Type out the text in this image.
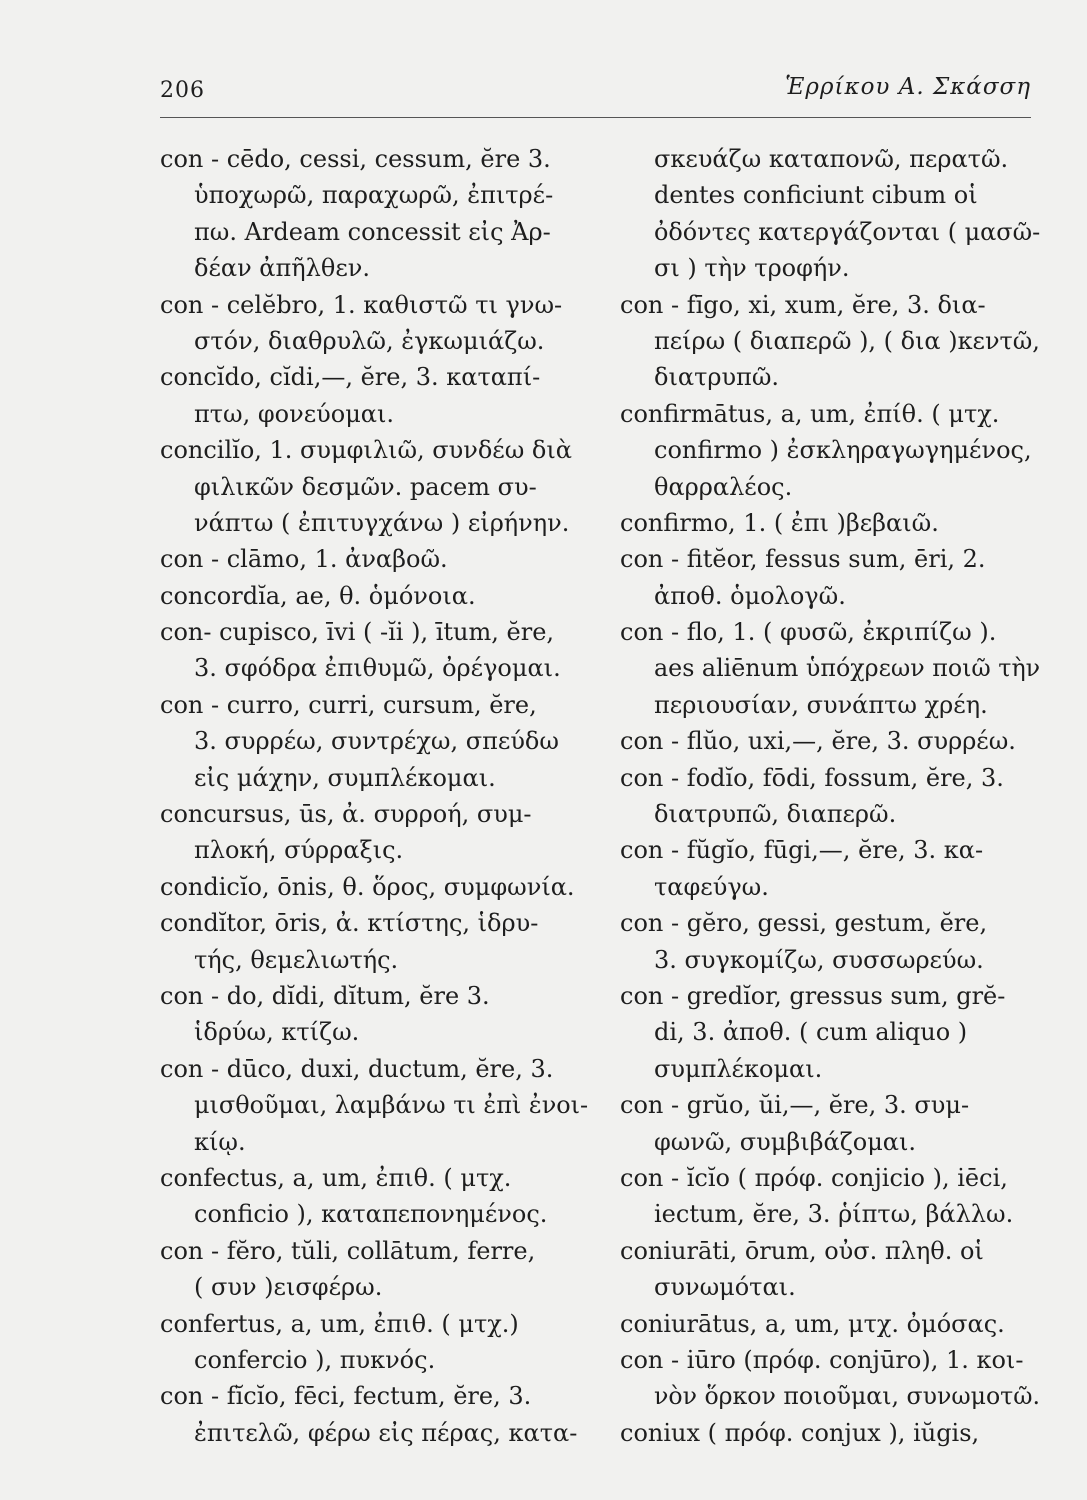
206	Ἑρρίκου Α. Σκάσση
con - cēdo, cessi, cessum, ĕre 3.
ὑποχωρῶ, παραχωρῶ, ἐπιτρέ-
πω. Ardeam concessit εἰς Ἀρ-
δέαν ἀπῆλθεν.
con - celĕbro, 1. καθιστῶ τι γνω-
στόν, διαθρυλῶ, ἐγκωμιάζω.
concĭdo, cĭdi,—, ĕre, 3. καταπί-
πτω, φονεύομαι.
concilĭo, 1. συμφιλιῶ, συνδέω διὰ
φιλικῶν δεσμῶν. pacem συ-
νάπτω ( ἐπιτυγχάνω ) εἰρήνην.
con - clāmo, 1. ἀναβοῶ.
concordĭa, ae, θ. ὁμόνοια.
con- cupisco, īvi ( -ĭi ), ītum, ĕre,
3. σφόδρα ἐπιθυμῶ, ὀρέγομαι.
con - curro, curri, cursum, ĕre,
3. συρρέω, συντρέχω, σπεύδω
εἰς μάχην, συμπλέκομαι.
concursus, ūs, ἀ. συρροή, συμ-
πλοκή, σύρραξις.
condicĭo, ōnis, θ. ὅρος, συμφωνία.
condĭtor, ōris, ἀ. κτίστης, ἱδρυ-
τής, θεμελιωτής.
con - do, dĭdi, dĭtum, ĕre 3.
ἱδρύω, κτίζω.
con - dūco, duxi, ductum, ĕre, 3.
μισθοῦμαι, λαμβάνω τι ἐπὶ ἐνοι-
κίῳ.
confectus, a, um, ἐπιθ. ( μτχ.
conficio ), καταπεπονημένος.
con - fĕro, tŭli, collātum, ferre,
( συν )εισφέρω.
confertus, a, um, ἐπιθ. ( μτχ.)
confercio ), πυκνός.
con - fĭcĭo, fēci, fectum, ĕre, 3.
ἐπιτελῶ, φέρω εἰς πέρας, κατα-
σκευάζω καταπονῶ, περατῶ.
dentes conficiunt cibum οἱ
ὀδόντες κατεργάζονται ( μασῶ-
σι ) τὴν τροφήν.
con - fīgo, xi, xum, ĕre, 3. δια-
πείρω ( διαπερῶ ), ( δια )κεντῶ,
διατρυπῶ.
confirmātus, a, um, ἐπίθ. ( μτχ.
confirmo ) ἐσκληραγωγημένος,
θαρραλέος.
confirmo, 1. ( ἐπι )βεβαιῶ.
con - fitĕor, fessus sum, ēri, 2.
ἀποθ. ὁμολογῶ.
con - flo, 1. ( φυσῶ, ἐκριπίζω ).
aes aliēnum ὑπόχρεων ποιῶ τὴν
περιουσίαν, συνάπτω χρέη.
con - flŭo, uxi,—, ĕre, 3. συρρέω.
con - fodĭo, fōdi, fossum, ĕre, 3.
διατρυπῶ, διαπερῶ.
con - fŭgĭo, fūgi,—, ĕre, 3. κα-
ταφεύγω.
con - gĕro, gessi, gestum, ĕre,
3. συγκομίζω, συσσωρεύω.
con - gredĭor, gressus sum, grĕ-
di, 3. ἀποθ. ( cum aliquo )
συμπλέκομαι.
con - grŭo, ŭi,—, ĕre, 3. συμ-
φωνῶ, συμβιβάζομαι.
con - ĭcĭo ( πρόφ. conjicio ), iēci,
iectum, ĕre, 3. ῥίπτω, βάλλω.
coniurāti, ōrum, οὐσ. πληθ. οἱ
συνωμόται.
coniurātus, a, um, μτχ. ὀμόσας.
con - iūro (πρόφ. conjūro), 1. κοι-
νὸν ὅρκον ποιοῦμαι, συνωμοτῶ.
coniux ( πρόφ. conjux ), iŭgis,
